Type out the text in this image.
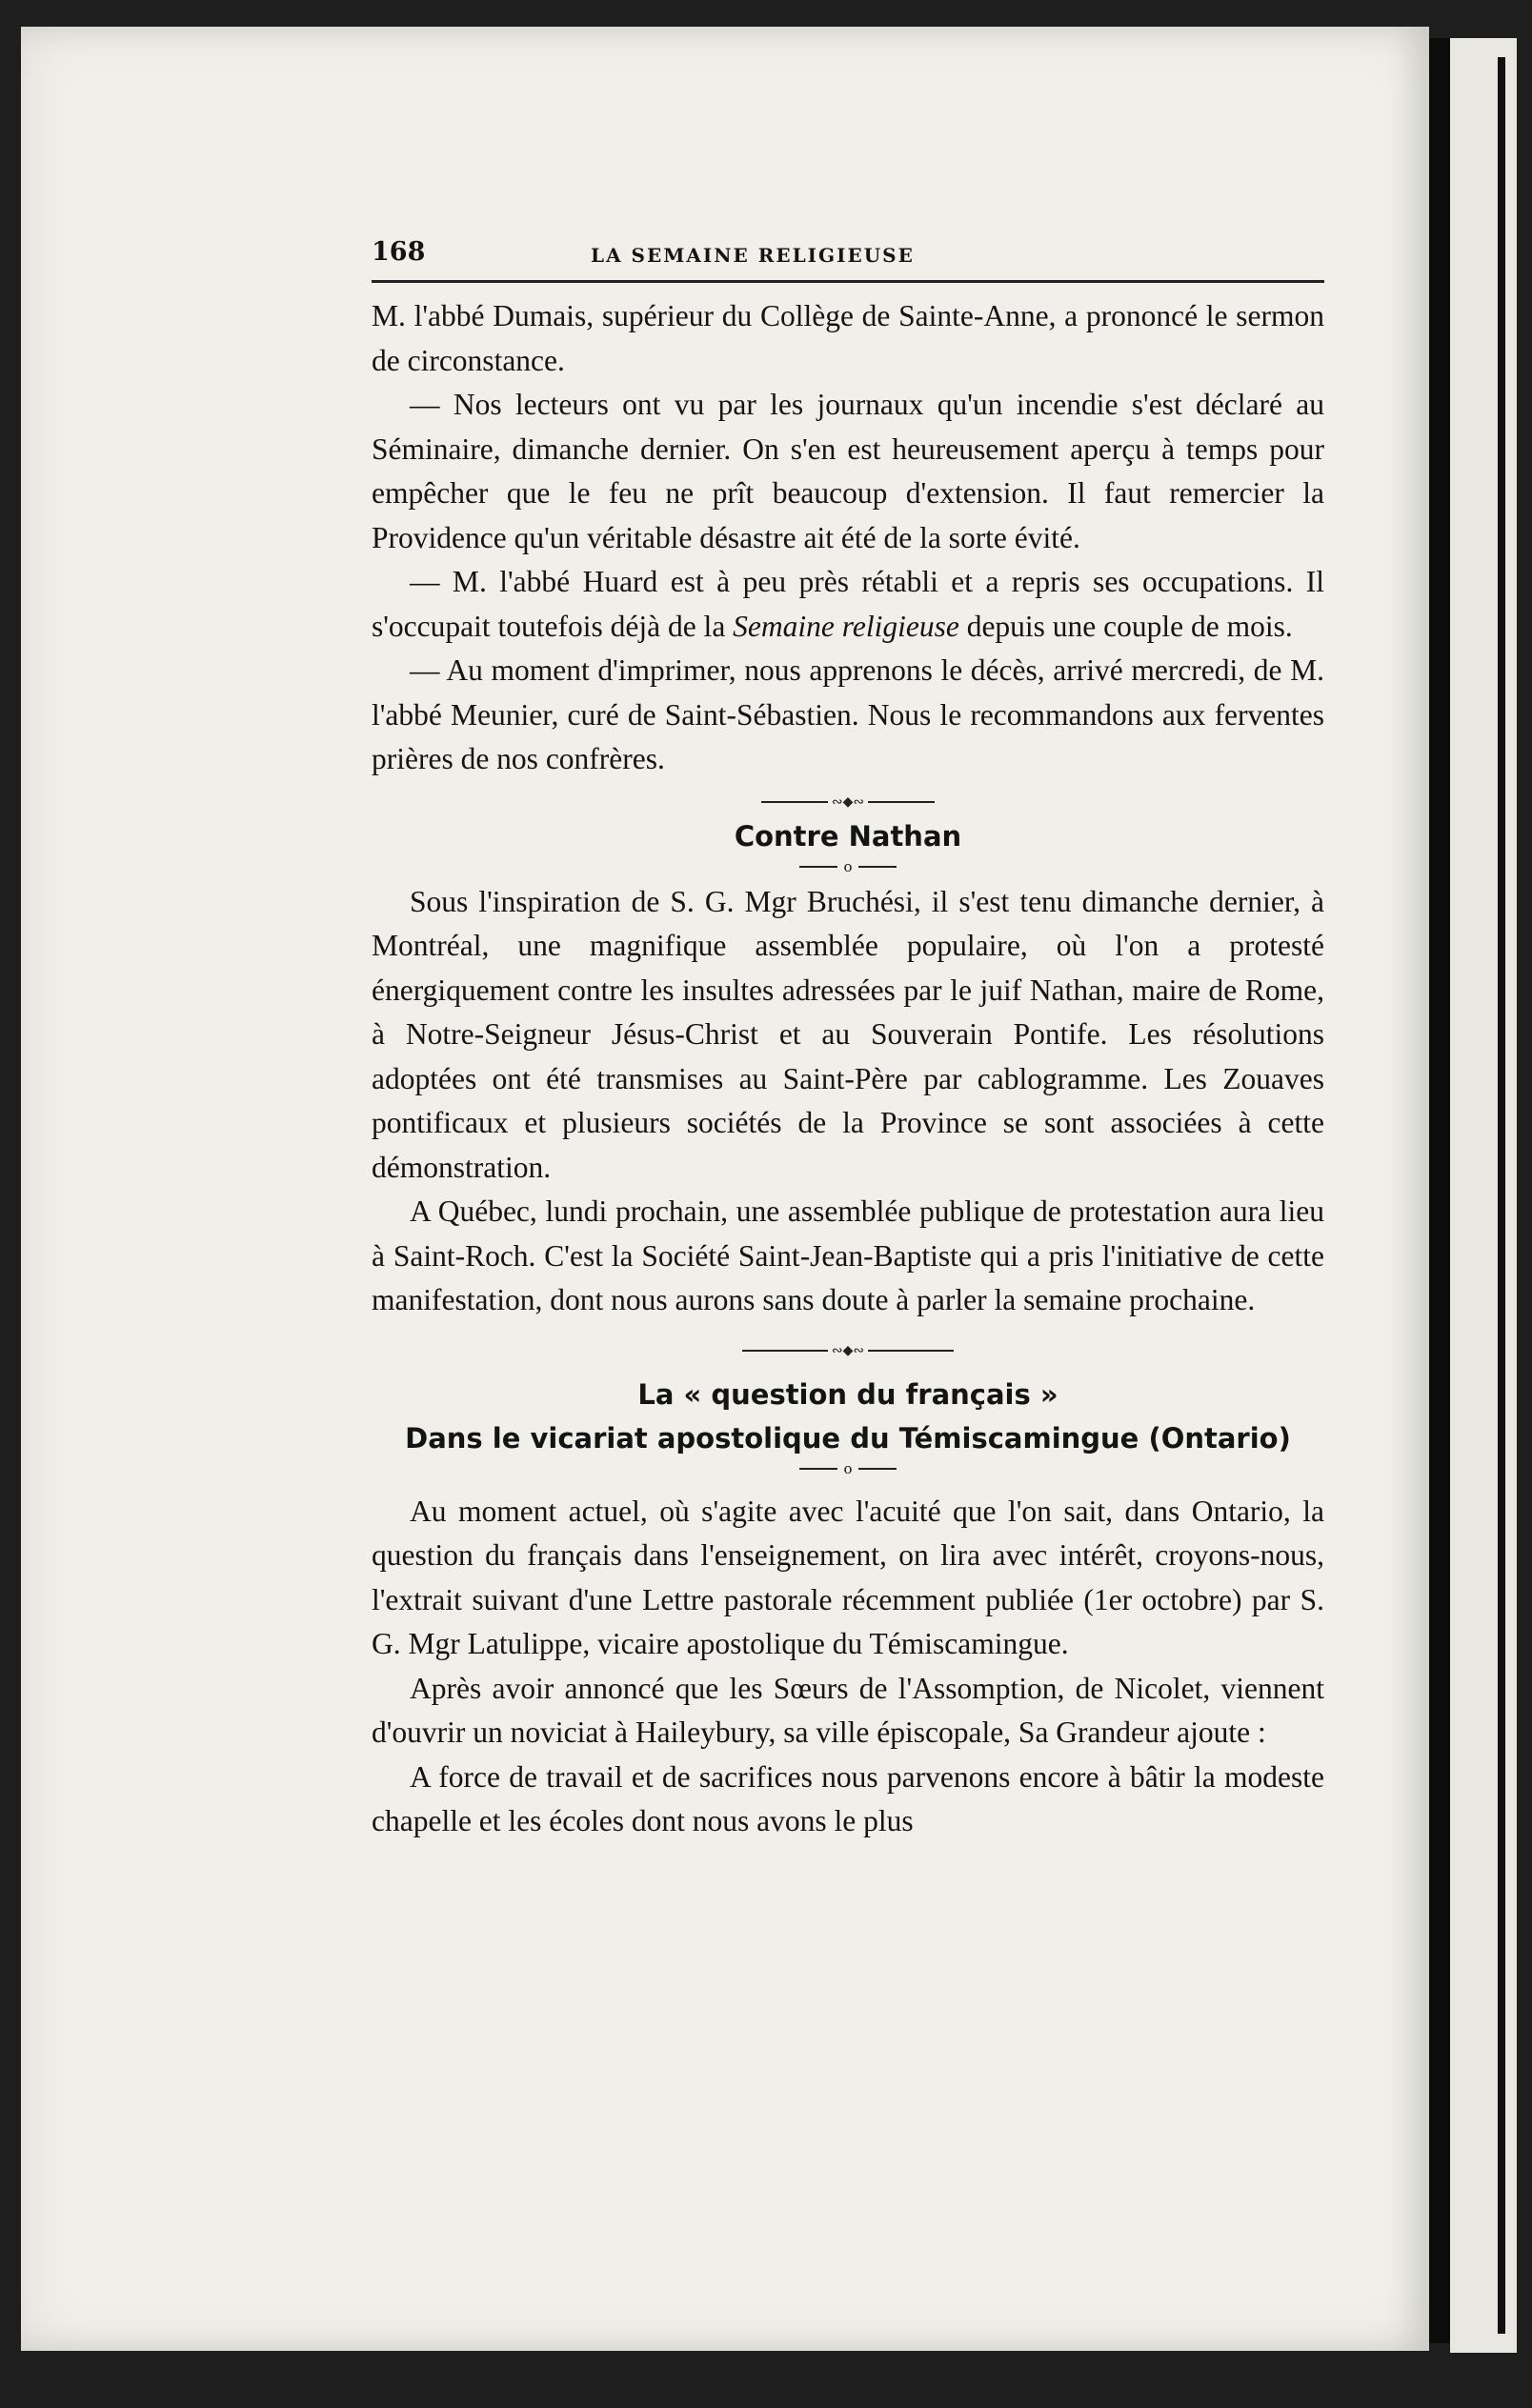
168	LA SEMAINE RELIGIEUSE

M. l'abbé Dumais, supérieur du Collège de Sainte-Anne, a prononcé le sermon de circonstance.

— Nos lecteurs ont vu par les journaux qu'un incendie s'est déclaré au Séminaire, dimanche dernier. On s'en est heureusement aperçu à temps pour empêcher que le feu ne prît beaucoup d'extension. Il faut remercier la Providence qu'un véritable désastre ait été de la sorte évité.

— M. l'abbé Huard est à peu près rétabli et a repris ses occupations. Il s'occupait toutefois déjà de la Semaine religieuse depuis une couple de mois.

— Au moment d'imprimer, nous apprenons le décès, arrivé mercredi, de M. l'abbé Meunier, curé de Saint-Sébastien. Nous le recommandons aux ferventes prières de nos confrères.

∾◆∾

Contre Nathan

o

Sous l'inspiration de S. G. Mgr Bruchési, il s'est tenu dimanche dernier, à Montréal, une magnifique assemblée populaire, où l'on a protesté énergiquement contre les insultes adressées par le juif Nathan, maire de Rome, à Notre-Seigneur Jésus-Christ et au Souverain Pontife. Les résolutions adoptées ont été transmises au Saint-Père par cablogramme. Les Zouaves pontificaux et plusieurs sociétés de la Province se sont associées à cette démonstration.

A Québec, lundi prochain, une assemblée publique de protestation aura lieu à Saint-Roch. C'est la Société Saint-Jean-Baptiste qui a pris l'initiative de cette manifestation, dont nous aurons sans doute à parler la semaine prochaine.

∾◆∾

La « question du français »

Dans le vicariat apostolique du Témiscamingue (Ontario)

o

Au moment actuel, où s'agite avec l'acuité que l'on sait, dans Ontario, la question du français dans l'enseignement, on lira avec intérêt, croyons-nous, l'extrait suivant d'une Lettre pastorale récemment publiée (1er octobre) par S. G. Mgr Latulippe, vicaire apostolique du Témiscamingue.

Après avoir annoncé que les Sœurs de l'Assomption, de Nicolet, viennent d'ouvrir un noviciat à Haileybury, sa ville épiscopale, Sa Grandeur ajoute :

A force de travail et de sacrifices nous parvenons encore à bâtir la modeste chapelle et les écoles dont nous avons le plus
